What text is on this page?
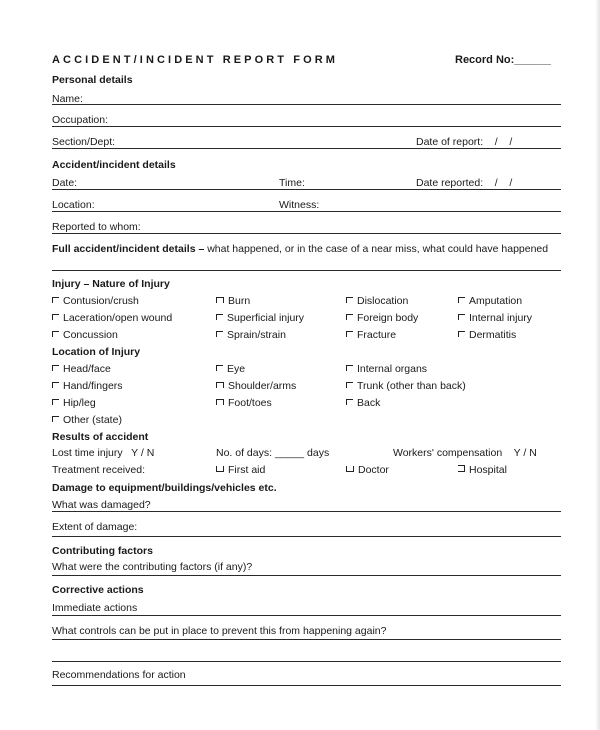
ACCIDENT/INCIDENT REPORT FORM	Record No:______
Personal details
Name:
Occupation:
Section/Dept:	Date of report:    /    /
Accident/incident details
Date:	Time:	Date reported:    /    /
Location:	Witness:
Reported to whom:
Full accident/incident details – what happened, or in the case of a near miss, what could have happened
Injury – Nature of Injury
Contusion/crush	Burn	Dislocation	Amputation
Laceration/open wound	Superficial injury	Foreign body	Internal injury
Concussion	Sprain/strain	Fracture	Dermatitis
Location of Injury
Head/face	Eye	Internal organs
Hand/fingers	Shoulder/arms	Trunk (other than back)
Hip/leg	Foot/toes	Back
Other (state)
Results of accident
Lost time injury   Y / N	No. of days: _____ days	Workers' compensation    Y / N
Treatment received:	First aid	Doctor	Hospital
Damage to equipment/buildings/vehicles etc.
What was damaged?
Extent of damage:
Contributing factors
What were the contributing factors (if any)?
Corrective actions
Immediate actions
What controls can be put in place to prevent this from happening again?
Recommendations for action
